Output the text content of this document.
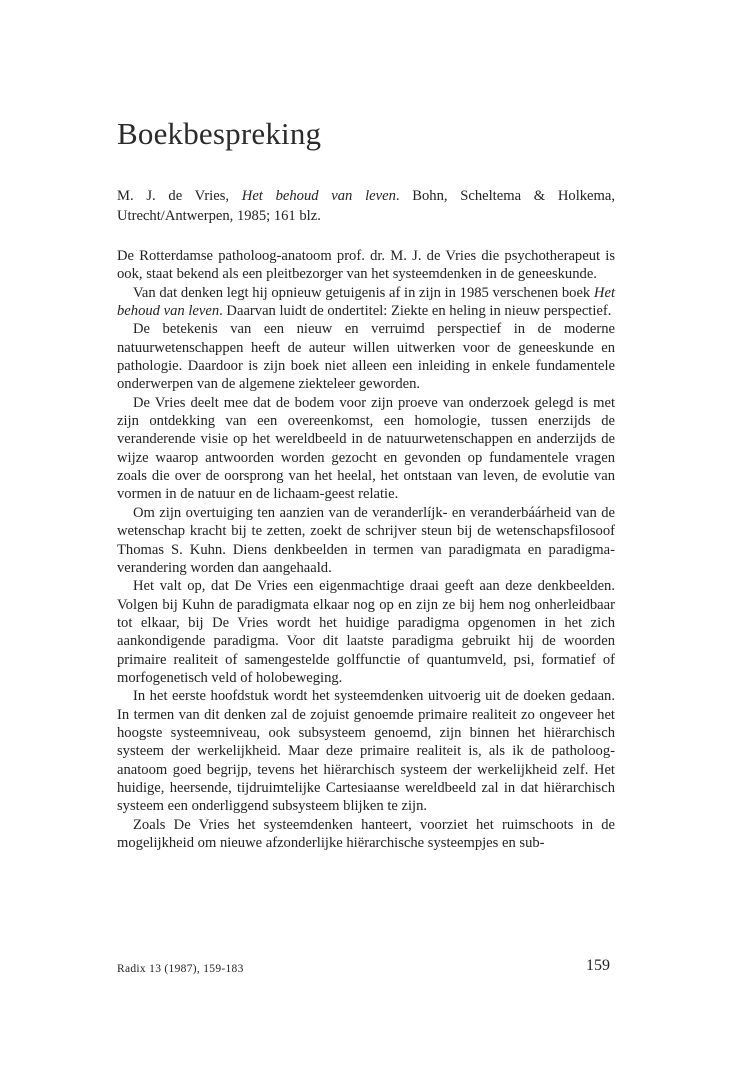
Boekbespreking
M. J. de Vries, Het behoud van leven. Bohn, Scheltema & Holkema, Utrecht/Antwerpen, 1985; 161 blz.

De Rotterdamse patholoog-anatoom prof. dr. M. J. de Vries die psychotherapeut is ook, staat bekend als een pleitbezorger van het systeemdenken in de geneeskunde.

Van dat denken legt hij opnieuw getuigenis af in zijn in 1985 verschenen boek Het behoud van leven. Daarvan luidt de ondertitel: Ziekte en heling in nieuw perspectief.

De betekenis van een nieuw en verruimd perspectief in de moderne natuurwetenschappen heeft de auteur willen uitwerken voor de geneeskunde en pathologie. Daardoor is zijn boek niet alleen een inleiding in enkele fundamentele onderwerpen van de algemene ziekteleer geworden.

De Vries deelt mee dat de bodem voor zijn proeve van onderzoek gelegd is met zijn ontdekking van een overeenkomst, een homologie, tussen enerzijds de veranderende visie op het wereldbeeld in de natuurwetenschappen en anderzijds de wijze waarop antwoorden worden gezocht en gevonden op fundamentele vragen zoals die over de oorsprong van het heelal, het ontstaan van leven, de evolutie van vormen in de natuur en de lichaam-geest relatie.

Om zijn overtuiging ten aanzien van de veranderlíjk- en veranderbáárheid van de wetenschap kracht bij te zetten, zoekt de schrijver steun bij de wetenschapsfilosoof Thomas S. Kuhn. Diens denkbeelden in termen van paradigmata en paradigma-verandering worden dan aangehaald.

Het valt op, dat De Vries een eigenmachtige draai geeft aan deze denkbeelden. Volgen bij Kuhn de paradigmata elkaar nog op en zijn ze bij hem nog onherleidbaar tot elkaar, bij De Vries wordt het huidige paradigma opgenomen in het zich aankondigende paradigma. Voor dit laatste paradigma gebruikt hij de woorden primaire realiteit of samengestelde golffunctie of quantumveld, psi, formatief of morfogenetisch veld of holobeweging.

In het eerste hoofdstuk wordt het systeemdenken uitvoerig uit de doeken gedaan. In termen van dit denken zal de zojuist genoemde primaire realiteit zo ongeveer het hoogste systeemniveau, ook subsysteem genoemd, zijn binnen het hiërarchisch systeem der werkelijkheid. Maar deze primaire realiteit is, als ik de patholoog-anatoom goed begrijp, tevens het hiërarchisch systeem der werkelijkheid zelf. Het huidige, heersende, tijdruimtelijke Cartesiaanse wereldbeeld zal in dat hiërarchisch systeem een onderliggend subsysteem blijken te zijn.

Zoals De Vries het systeemdenken hanteert, voorziet het ruimschoots in de mogelijkheid om nieuwe afzonderlijke hiërarchische systeempjes en sub-

Radix 13 (1987), 159-183	159
